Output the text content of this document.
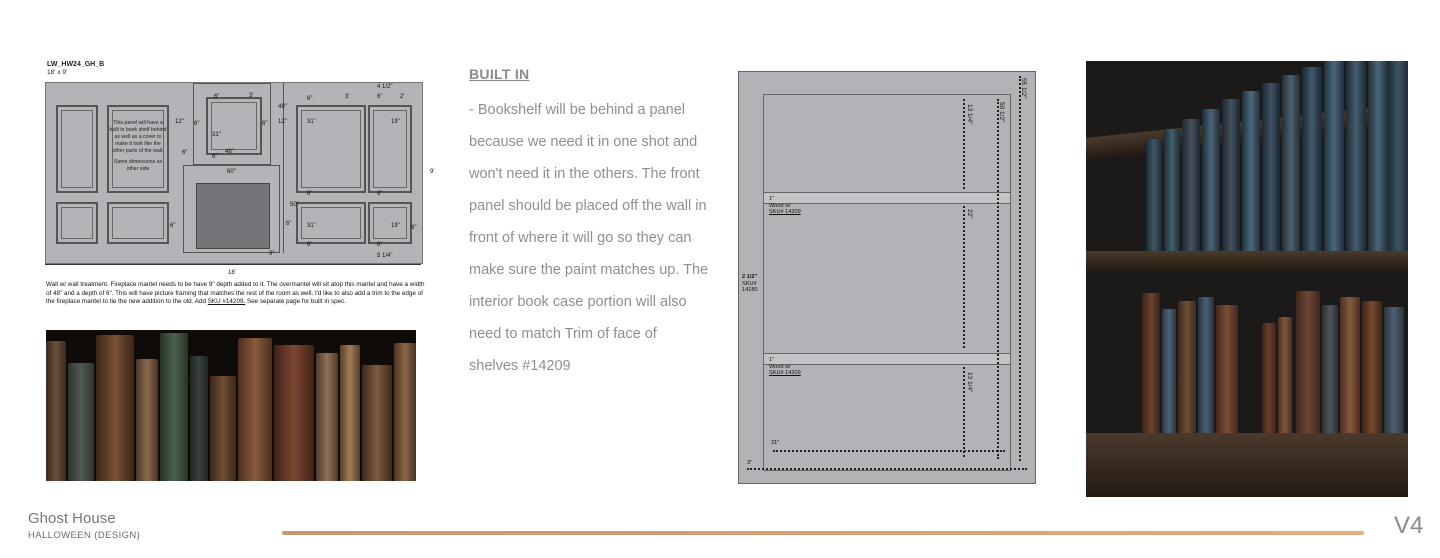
LW_HW24_GH_B
18' x 9'
This panel will have a built in book shelf behind as well as a cover to make it look like the other parts of the wall.
Same dimensions as other side
4 1/2"
6"	3'	6"	3'	6"	2'
49"
12" 6"	6" 12"	31"	19"
31"
6"	48"
6"
60"	9'
6"	6"
50"
6"	31"	19" 6"
6"
6"	6"
9"	5 1/4"
18'
Wall w/ wall treatment. Fireplace mantel needs to be have 9" depth added to it. The overmantel will sit atop this mantel and have a width of 48" and a depth of 6". This will have picture framing that matches the rest of the room as well. I'd like to also add a trim to the edge of the fireplace mantel to tie the new addition to the old. Add SKU #14209. See separate page for built in spec.
BUILT IN
- Bookshelf will be behind a panel because we need it in one shot and won't need it in the others. The front panel should be placed off the wall in front of where it will go so they can make sure the paint matches up. The interior book case portion will also need to match Trim of face of shelves #14209
55 1/2"
50 1/2"
13 1/4"
22"
13 1/4"
1"
Wood w/
SKU# 14209
1"
Wood w/
SKU# 14209
2 1/2"
SKU#
14180
31"
3"
Ghost House
HALLOWEEN (DESIGN)	V4
